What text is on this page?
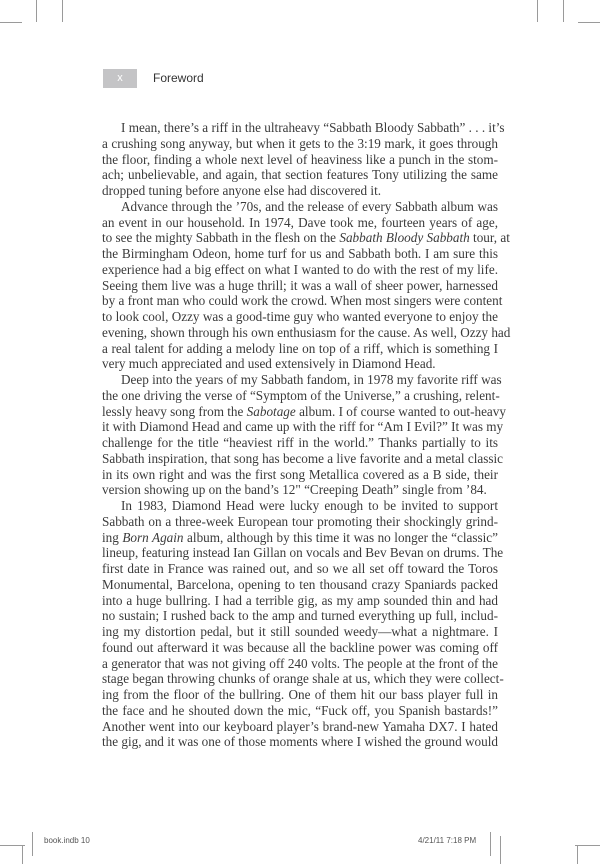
x	Foreword
I mean, there’s a riff in the ultraheavy “Sabbath Bloody Sabbath” . . . it’s
a crushing song anyway, but when it gets to the 3:19 mark, it goes through
the floor, finding a whole next level of heaviness like a punch in the stom-
ach; unbelievable, and again, that section features Tony utilizing the same
dropped tuning before anyone else had discovered it.
Advance through the ’70s, and the release of every Sabbath album was
an event in our household. In 1974, Dave took me, fourteen years of age,
to see the mighty Sabbath in the flesh on the Sabbath Bloody Sabbath tour, at
the Birmingham Odeon, home turf for us and Sabbath both. I am sure this
experience had a big effect on what I wanted to do with the rest of my life.
Seeing them live was a huge thrill; it was a wall of sheer power, harnessed
by a front man who could work the crowd. When most singers were content
to look cool, Ozzy was a good-time guy who wanted everyone to enjoy the
evening, shown through his own enthusiasm for the cause. As well, Ozzy had
a real talent for adding a melody line on top of a riff, which is something I
very much appreciated and used extensively in Diamond Head.
Deep into the years of my Sabbath fandom, in 1978 my favorite riff was
the one driving the verse of “Symptom of the Universe,” a crushing, relent-
lessly heavy song from the Sabotage album. I of course wanted to out-heavy
it with Diamond Head and came up with the riff for “Am I Evil?” It was my
challenge for the title “heaviest riff in the world.” Thanks partially to its
Sabbath inspiration, that song has become a live favorite and a metal classic
in its own right and was the first song Metallica covered as a B side, their
version showing up on the band’s 12" “Creeping Death” single from ’84.
In 1983, Diamond Head were lucky enough to be invited to support
Sabbath on a three-week European tour promoting their shockingly grind-
ing Born Again album, although by this time it was no longer the “classic”
lineup, featuring instead Ian Gillan on vocals and Bev Bevan on drums. The
first date in France was rained out, and so we all set off toward the Toros
Monumental, Barcelona, opening to ten thousand crazy Spaniards packed
into a huge bullring. I had a terrible gig, as my amp sounded thin and had
no sustain; I rushed back to the amp and turned everything up full, includ-
ing my distortion pedal, but it still sounded weedy—what a nightmare. I
found out afterward it was because all the backline power was coming off
a generator that was not giving off 240 volts. The people at the front of the
stage began throwing chunks of orange shale at us, which they were collect-
ing from the floor of the bullring. One of them hit our bass player full in
the face and he shouted down the mic, “Fuck off, you Spanish bastards!”
Another went into our keyboard player’s brand-new Yamaha DX7. I hated
the gig, and it was one of those moments where I wished the ground would
book.indb 10	4/21/11 7:18 PM
